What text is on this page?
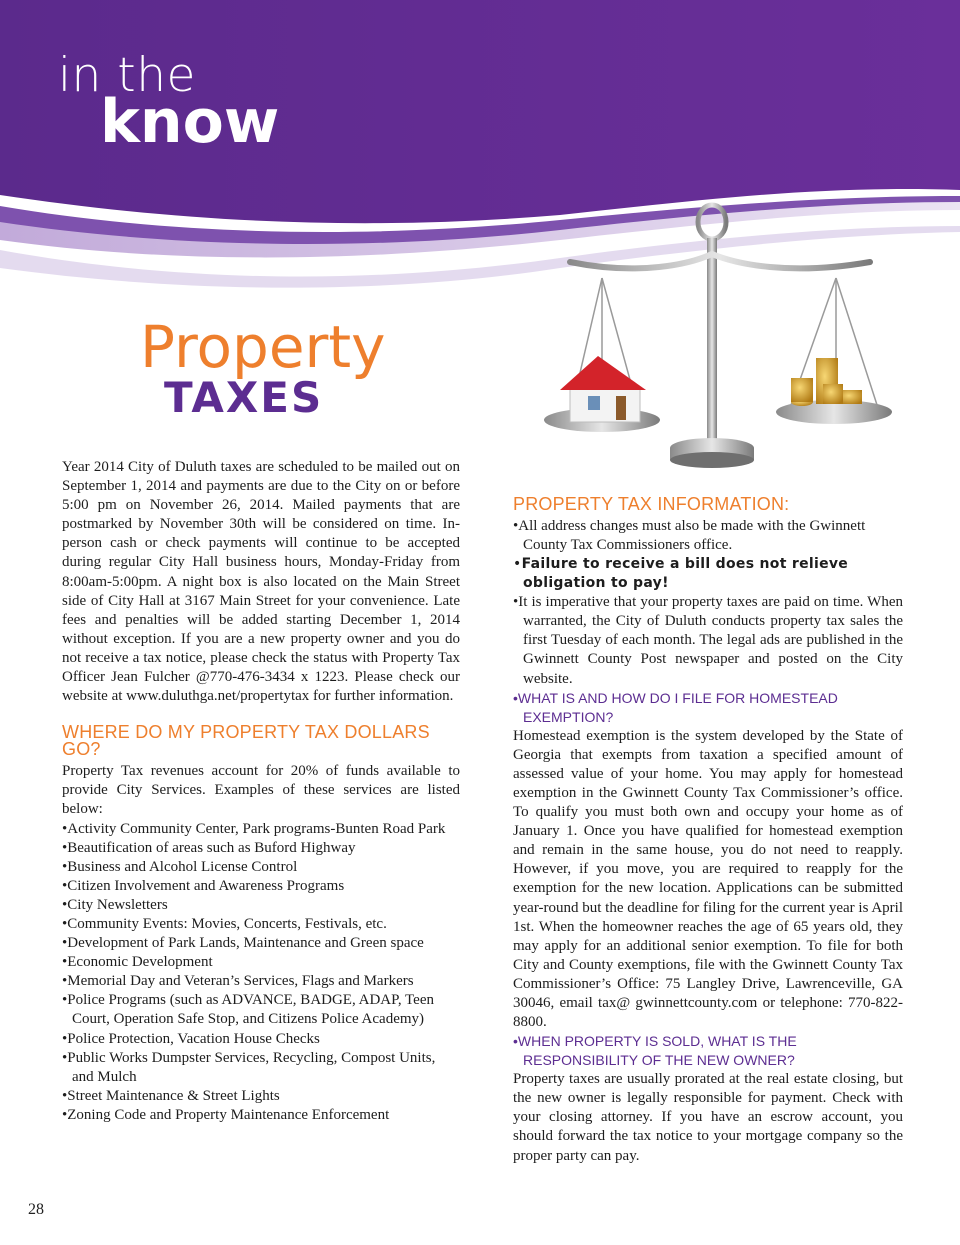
in the
know
Property
TAXES

Year 2014 City of Duluth taxes are scheduled to be mailed out on September 1, 2014 and payments are due to the City on or before 5:00 pm on November 26, 2014. Mailed payments that are postmarked by November 30th will be considered on time. In-person cash or check payments will continue to be accepted during regular City Hall business hours, Monday-Friday from 8:00am-5:00pm. A night box is also located on the Main Street side of City Hall at 3167 Main Street for your convenience. Late fees and penalties will be added starting December 1, 2014 without exception. If you are a new property owner and you do not receive a tax notice, please check the status with Property Tax Officer Jean Fulcher @770-476-3434 x 1223. Please check our website at www.duluthga.net/propertytax for further information.

WHERE DO MY PROPERTY TAX DOLLARS GO?

Property Tax revenues account for 20% of funds available to provide City Services. Examples of these services are listed below:

• Activity Community Center, Park programs-Bunten Road Park
• Beautification of areas such as Buford Highway
• Business and Alcohol License Control
• Citizen Involvement and Awareness Programs
• City Newsletters
• Community Events: Movies, Concerts, Festivals, etc.
• Development of Park Lands, Maintenance and Green space
• Economic Development
• Memorial Day and Veteran’s Services, Flags and Markers
• Police Programs (such as ADVANCE, BADGE, ADAP, Teen Court, Operation Safe Stop, and Citizens Police Academy)
• Police Protection, Vacation House Checks
• Public Works Dumpster Services, Recycling, Compost Units, and Mulch
• Street Maintenance & Street Lights
• Zoning Code and Property Maintenance Enforcement
PROPERTY TAX INFORMATION:
• All address changes must also be made with the Gwinnett County Tax Commissioners office.
• Failure to receive a bill does not relieve obligation to pay!
• It is imperative that your property taxes are paid on time. When warranted, the City of Duluth conducts property tax sales the first Tuesday of each month. The legal ads are published in the Gwinnett County Post newspaper and posted on the City website.
• WHAT IS AND HOW DO I FILE FOR HOMESTEAD EXEMPTION?

Homestead exemption is the system developed by the State of Georgia that exempts from taxation a specified amount of assessed value of your home. You may apply for homestead exemption in the Gwinnett County Tax Commissioner’s office. To qualify you must both own and occupy your home as of January 1. Once you have qualified for homestead exemption and remain in the same house, you do not need to reapply. However, if you move, you are required to reapply for the exemption for the new location. Applications can be submitted year-round but the deadline for filing for the current year is April 1st. When the homeowner reaches the age of 65 years old, they may apply for an additional senior exemption. To file for both City and County exemptions, file with the Gwinnett County Tax Commissioner’s Office: 75 Langley Drive, Lawrenceville, GA 30046, email tax@ gwinnettcounty.com or telephone: 770-822-8800.

• WHEN PROPERTY IS SOLD, WHAT IS THE RESPONSIBILITY OF THE NEW OWNER?

Property taxes are usually prorated at the real estate closing, but the new owner is legally responsible for payment. Check with your closing attorney. If you have an escrow account, you should forward the tax notice to your mortgage company so the proper party can pay.

28
